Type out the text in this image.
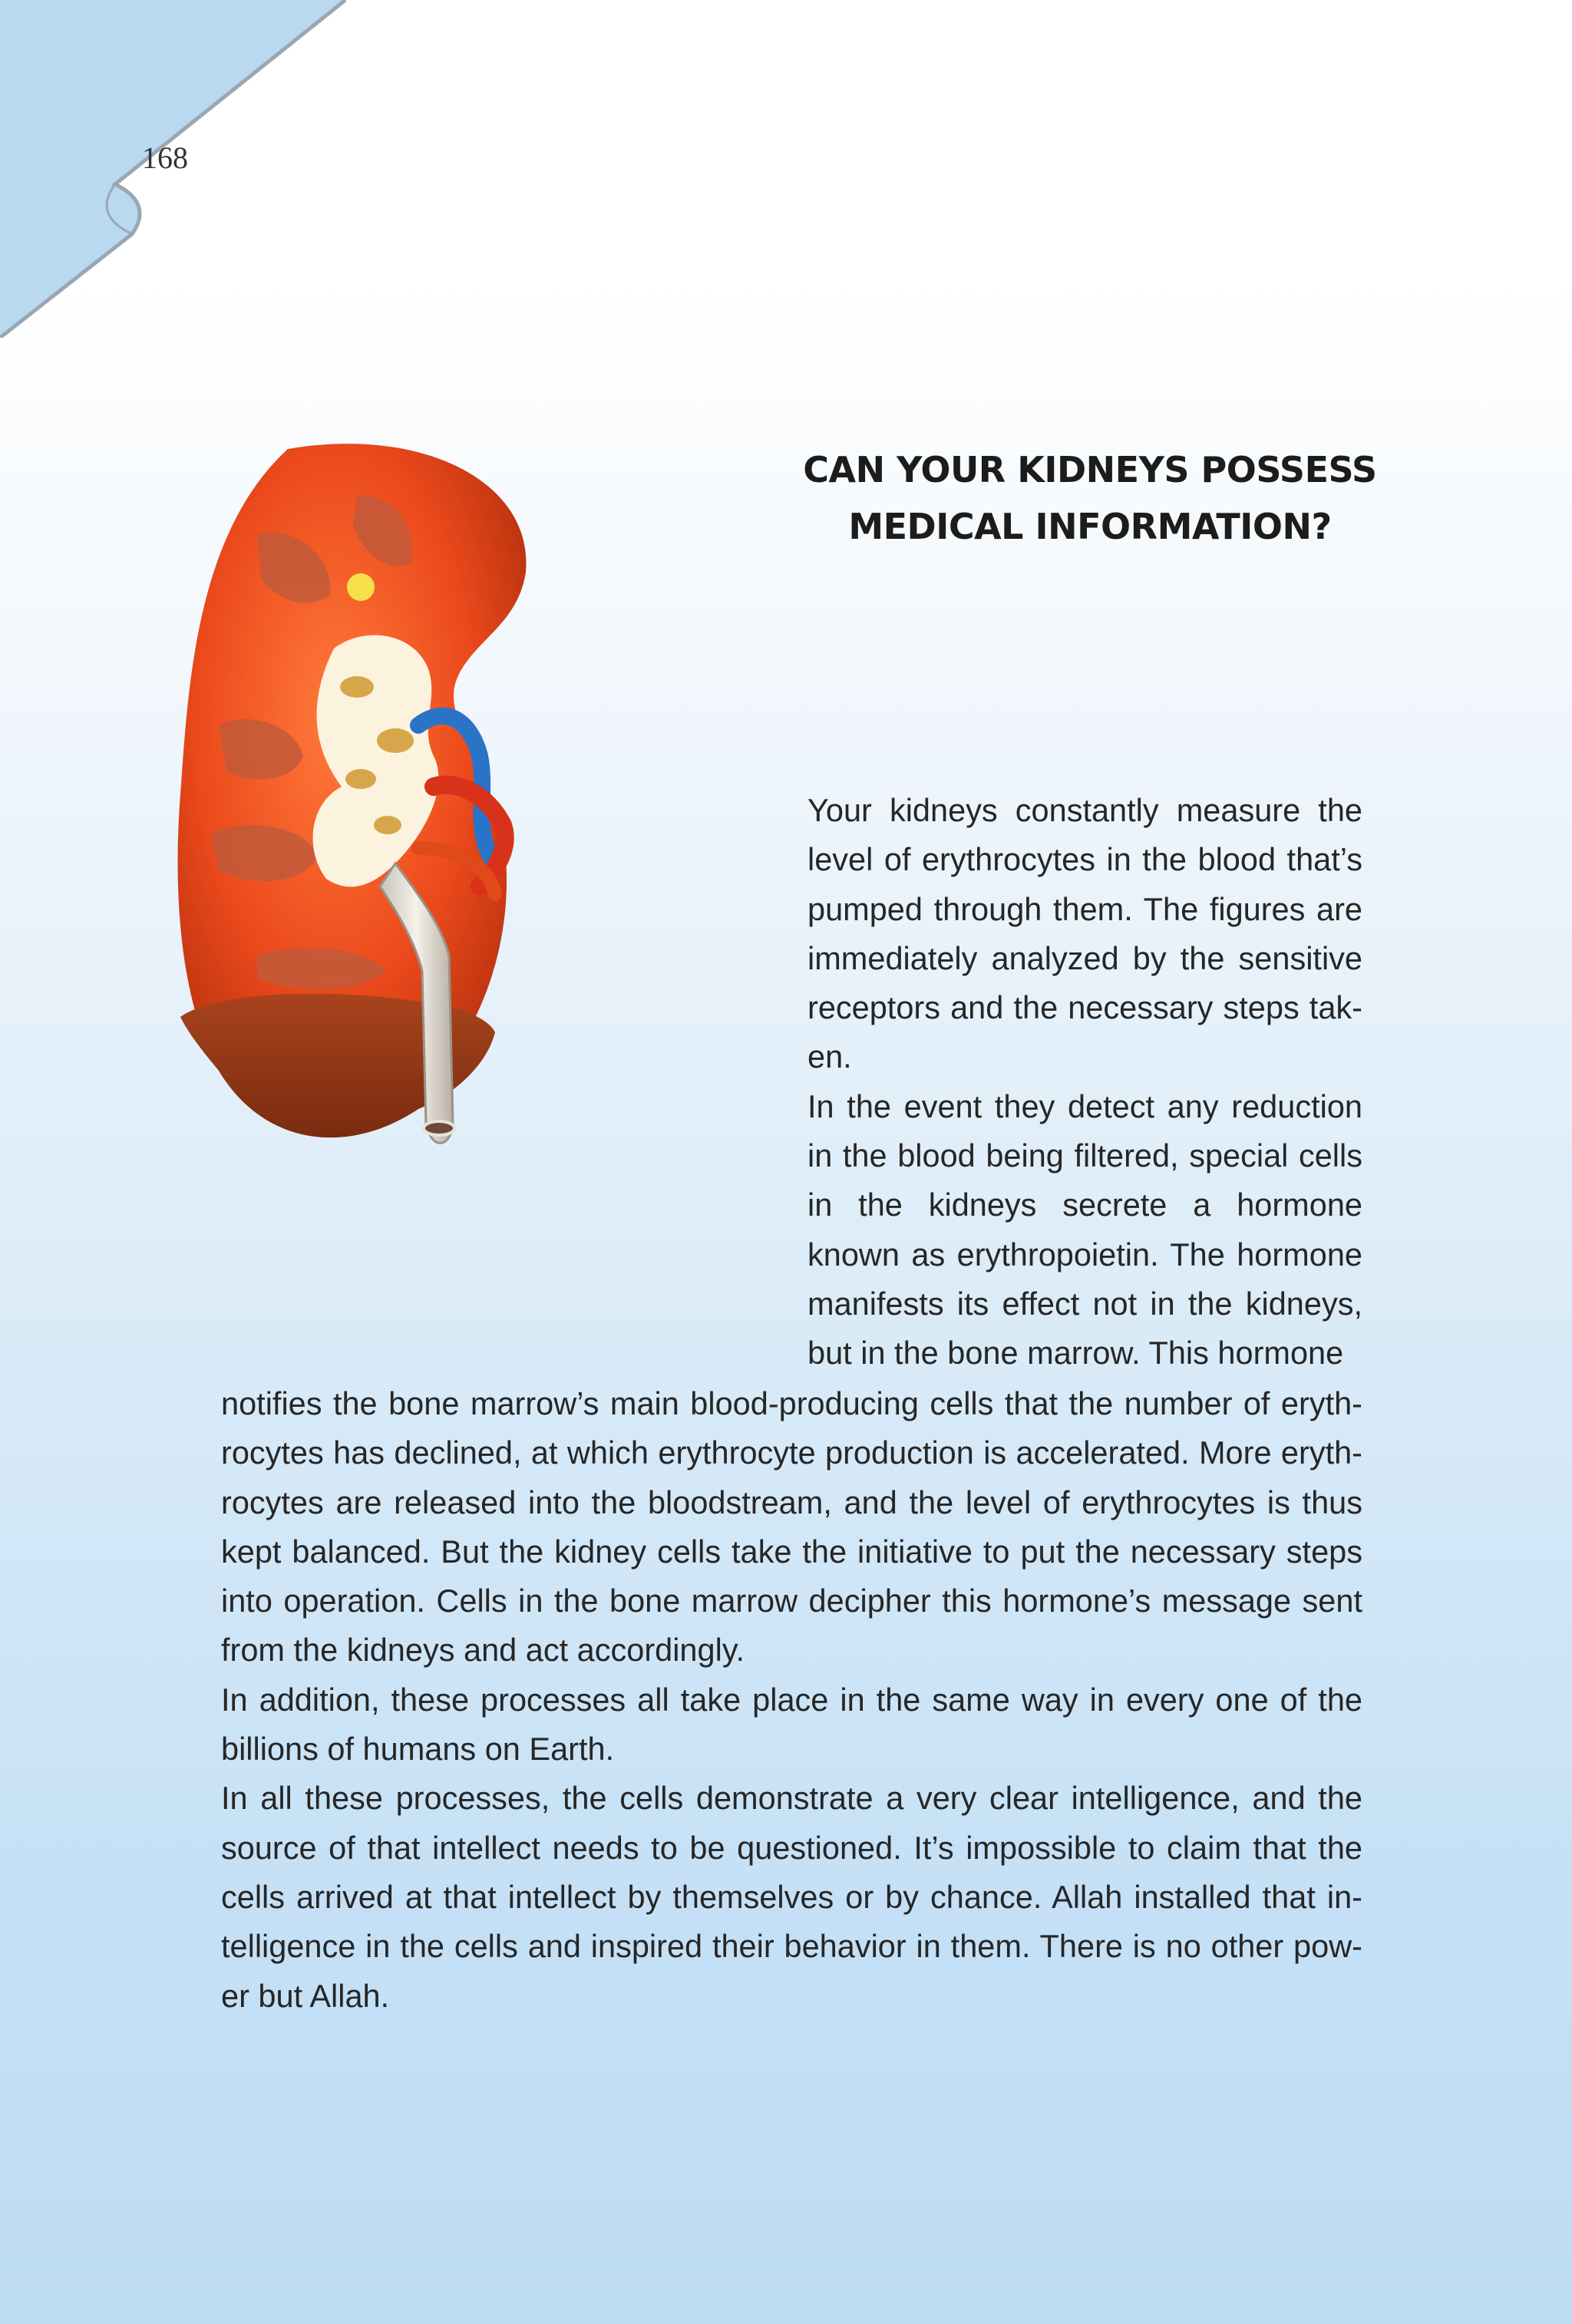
168
CAN YOUR KIDNEYS POSSESS
MEDICAL INFORMATION?

Your kidneys constantly measure the level of erythrocytes in the blood that’s pumped through them. The figures are immediately analyzed by the sensitive receptors and the necessary steps tak-en.

In the event they detect any reduction in the blood being filtered, special cells in the kidneys secrete a hormone known as erythropoietin. The hormone manifests its effect not in the kidneys, but in the bone marrow. This hormone

notifies the bone marrow’s main blood-producing cells that the number of eryth-rocytes has declined, at which erythrocyte production is accelerated. More eryth-rocytes are released into the bloodstream, and the level of erythrocytes is thus kept balanced. But the kidney cells take the initiative to put the necessary steps into operation. Cells in the bone marrow decipher this hormone’s message sent from the kidneys and act accordingly.

In addition, these processes all take place in the same way in every one of the billions of humans on Earth.

In all these processes, the cells demonstrate a very clear intelligence, and the source of that intellect needs to be questioned. It’s impossible to claim that the cells arrived at that intellect by themselves or by chance. Allah installed that in-telligence in the cells and inspired their behavior in them. There is no other pow-er but Allah.
